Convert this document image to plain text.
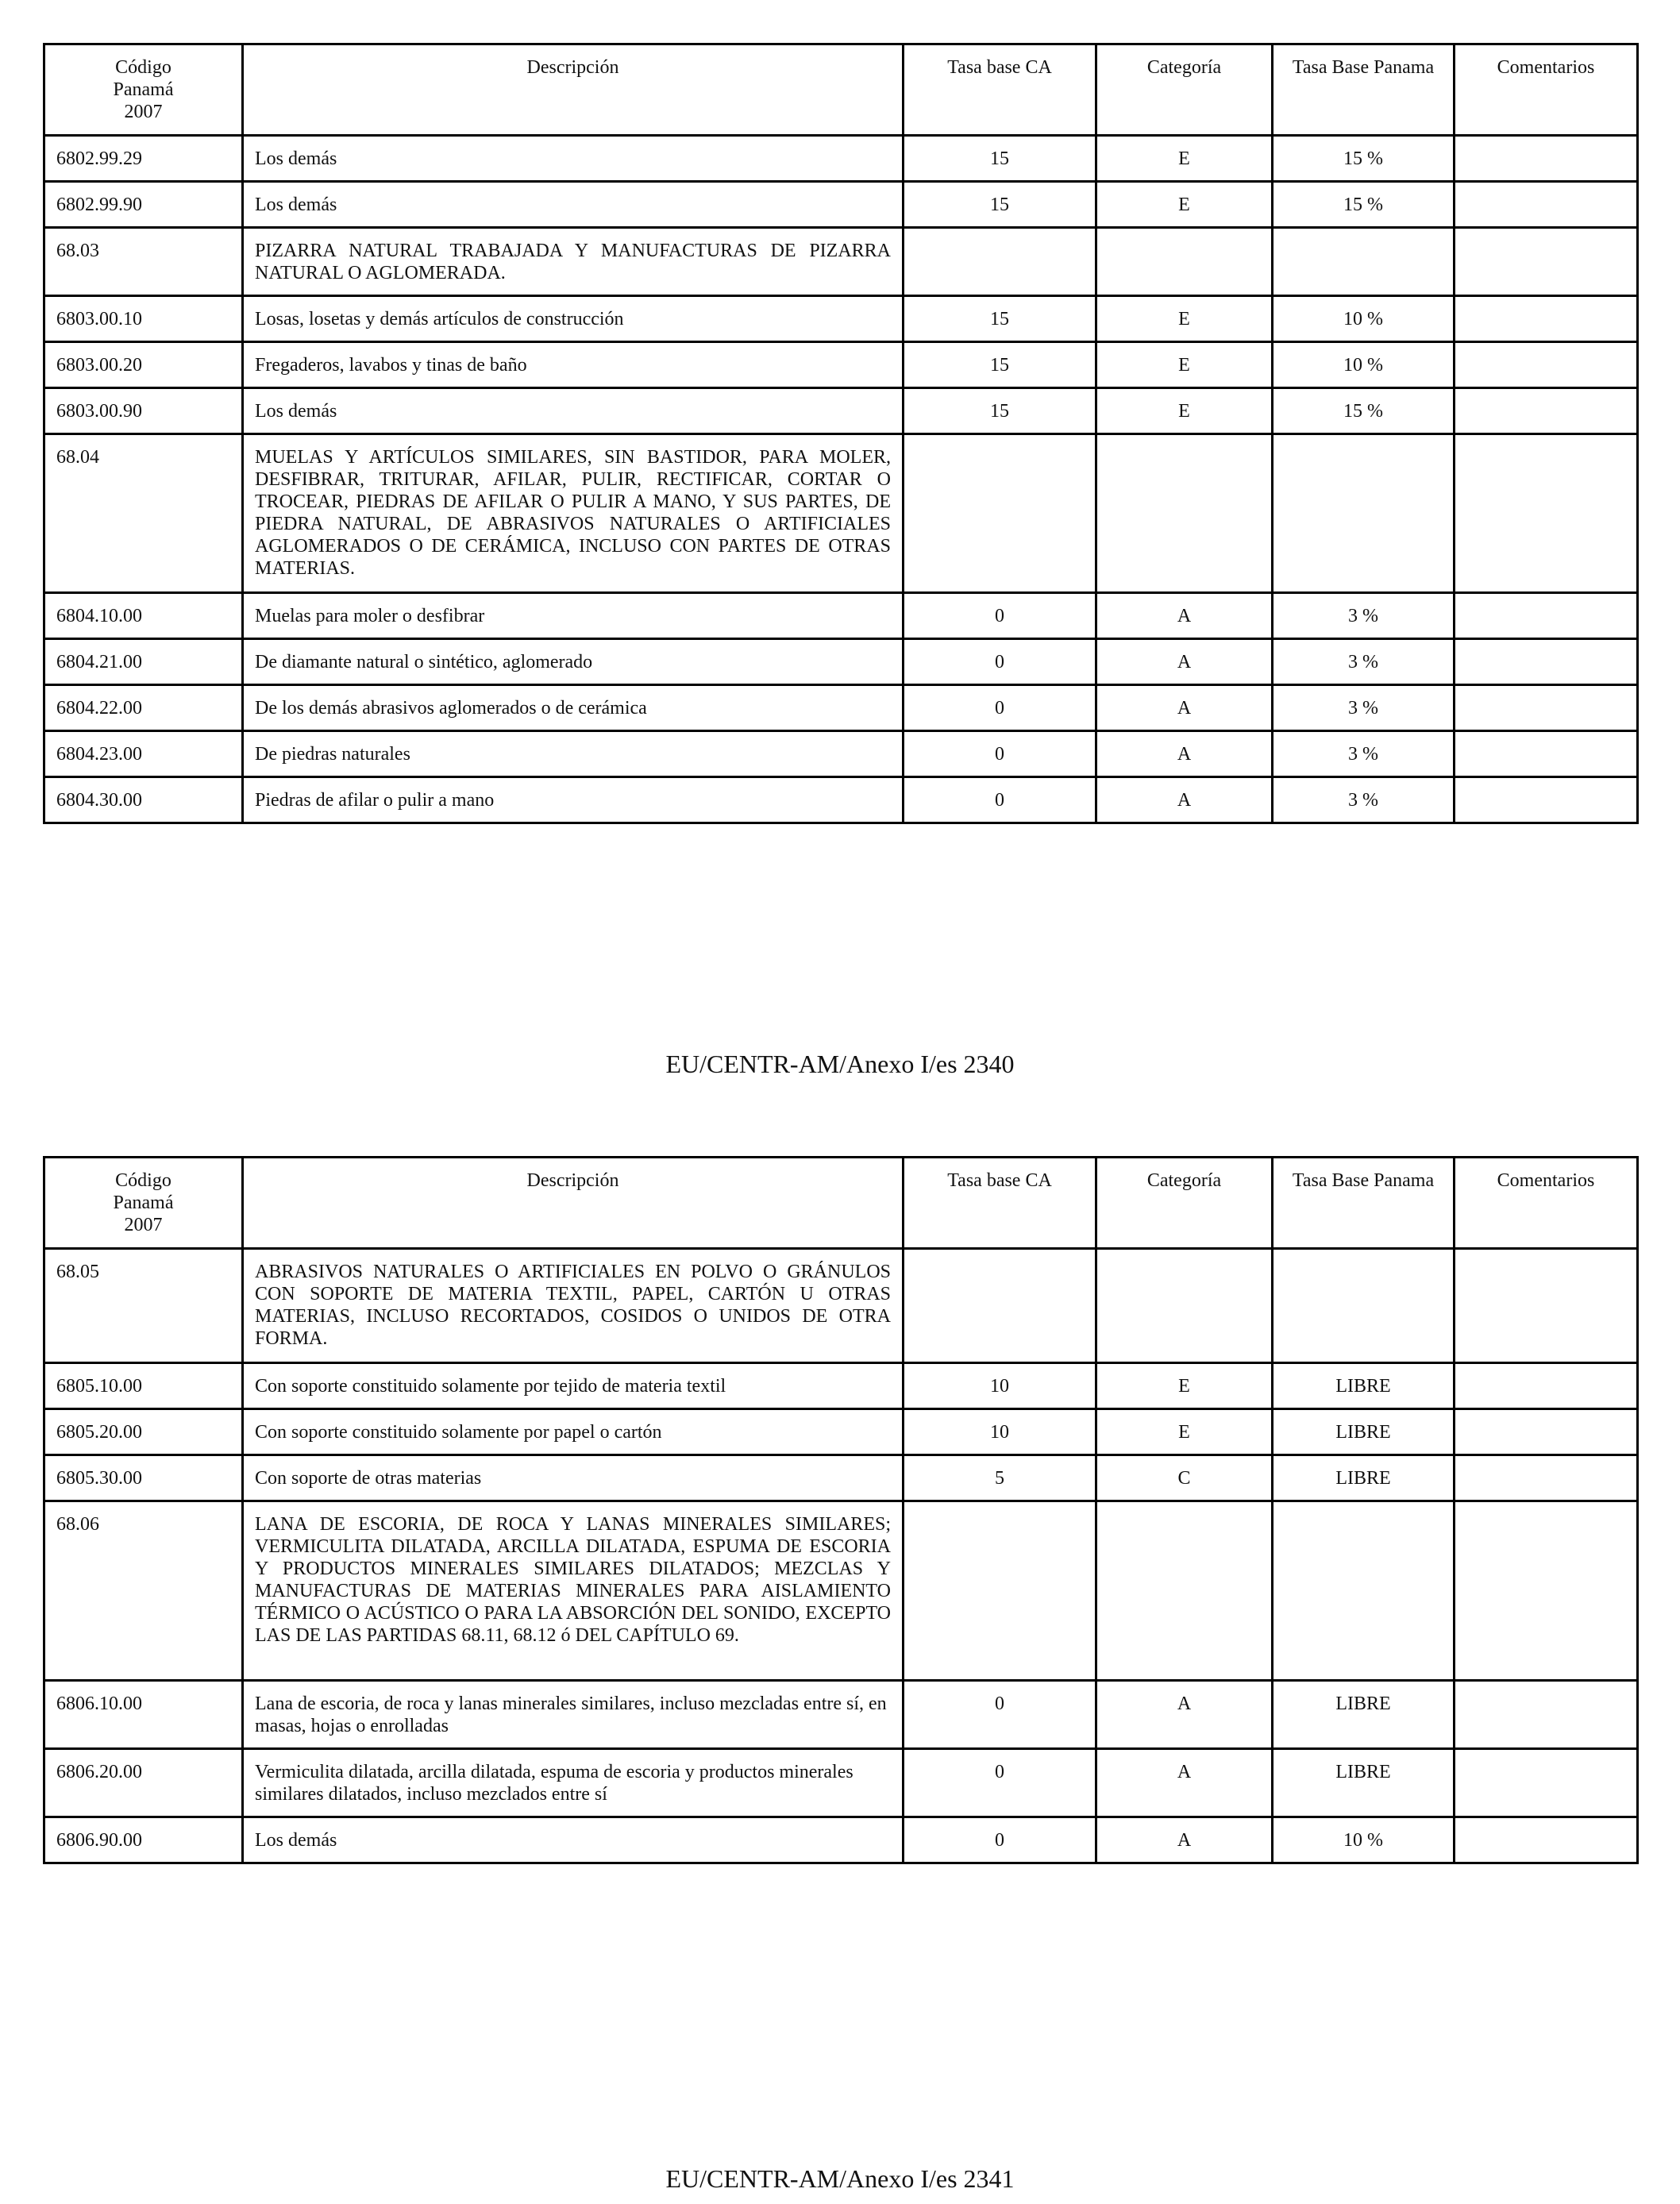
Código Panamá 2007	Descripción	Tasa base CA	Categoría	Tasa Base Panama	Comentarios
6802.99.29	Los demás	15	E	15 %	
6802.99.90	Los demás	15	E	15 %	
68.03	PIZARRA NATURAL TRABAJADA Y MANUFACTURAS DE PIZARRA NATURAL O AGLOMERADA.				
6803.00.10	Losas, losetas y demás artículos de construcción	15	E	10 %	
6803.00.20	Fregaderos, lavabos y tinas de baño	15	E	10 %	
6803.00.90	Los demás	15	E	15 %	
68.04	MUELAS Y ARTÍCULOS SIMILARES, SIN BASTIDOR, PARA MOLER, DESFIBRAR, TRITURAR, AFILAR, PULIR, RECTIFICAR, CORTAR O TROCEAR, PIEDRAS DE AFILAR O PULIR A MANO, Y SUS PARTES, DE PIEDRA NATURAL, DE ABRASIVOS NATURALES O ARTIFICIALES AGLOMERADOS O DE CERÁMICA, INCLUSO CON PARTES DE OTRAS MATERIAS.				
6804.10.00	Muelas para moler o desfibrar	0	A	3 %	
6804.21.00	De diamante natural o sintético, aglomerado	0	A	3 %	
6804.22.00	De los demás abrasivos aglomerados o de cerámica	0	A	3 %	
6804.23.00	De piedras naturales	0	A	3 %	
6804.30.00	Piedras de afilar o pulir a mano	0	A	3 %	
EU/CENTR-AM/Anexo I/es 2340
Código Panamá 2007	Descripción	Tasa base CA	Categoría	Tasa Base Panama	Comentarios
68.05	ABRASIVOS NATURALES O ARTIFICIALES EN POLVO O GRÁNULOS CON SOPORTE DE MATERIA TEXTIL, PAPEL, CARTÓN U OTRAS MATERIAS, INCLUSO RECORTADOS, COSIDOS O UNIDOS DE OTRA FORMA.				
6805.10.00	Con soporte constituido solamente por tejido de materia textil	10	E	LIBRE	
6805.20.00	Con soporte constituido solamente por papel o cartón	10	E	LIBRE	
6805.30.00	Con soporte de otras materias	5	C	LIBRE	
68.06	LANA DE ESCORIA, DE ROCA Y LANAS MINERALES SIMILARES; VERMICULITA DILATADA, ARCILLA DILATADA, ESPUMA DE ESCORIA Y PRODUCTOS MINERALES SIMILARES DILATADOS; MEZCLAS Y MANUFACTURAS DE MATERIAS MINERALES PARA AISLAMIENTO TÉRMICO O ACÚSTICO O PARA LA ABSORCIÓN DEL SONIDO, EXCEPTO LAS DE LAS PARTIDAS 68.11, 68.12 ó DEL CAPÍTULO 69.				
6806.10.00	Lana de escoria, de roca y lanas minerales similares, incluso mezcladas entre sí, en masas, hojas o enrolladas	0	A	LIBRE	
6806.20.00	Vermiculita dilatada, arcilla dilatada, espuma de escoria y productos minerales similares dilatados, incluso mezclados entre sí	0	A	LIBRE	
6806.90.00	Los demás	0	A	10 %	
EU/CENTR-AM/Anexo I/es 2341
